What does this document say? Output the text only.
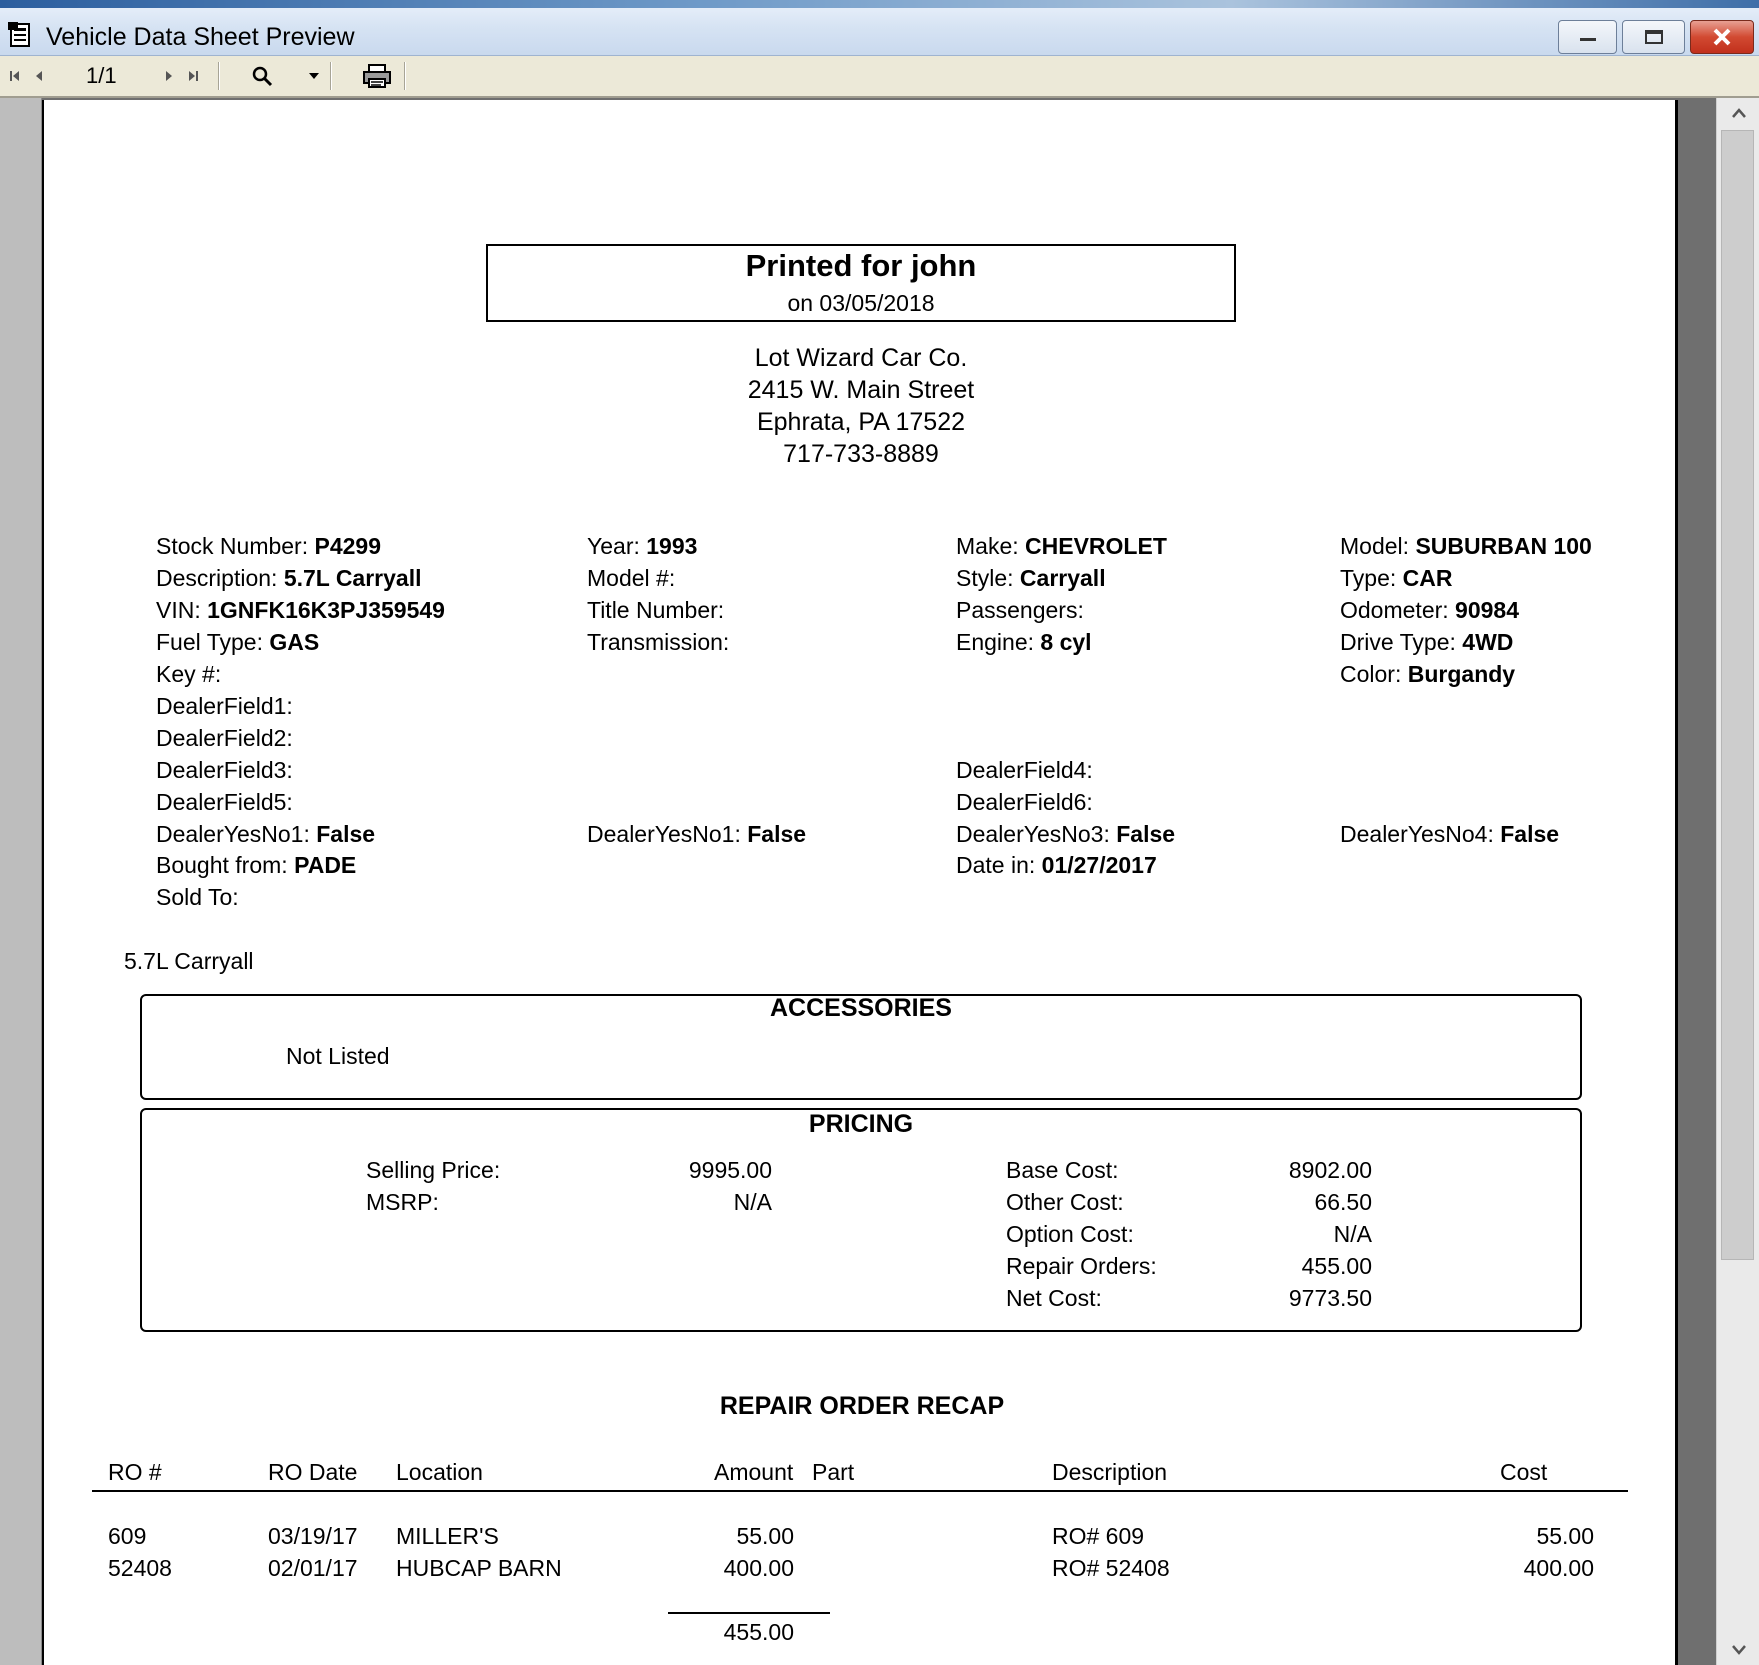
Vehicle Data Sheet Preview
1/1
Printed for john
on 03/05/2018
Lot Wizard Car Co.
2415 W. Main Street
Ephrata, PA 17522
717-733-8889
Stock Number: P4299
Description: 5.7L Carryall
VIN: 1GNFK16K3PJ359549
Fuel Type: GAS
Key #:
DealerField1:
DealerField2:
DealerField3:
DealerField5:
DealerYesNo1: False
Bought from: PADE
Sold To:
Year: 1993
Model #:
Title Number:
Transmission:
DealerYesNo1: False
Make: CHEVROLET
Style: Carryall
Passengers:
Engine: 8 cyl
DealerField4:
DealerField6:
DealerYesNo3: False
Date in: 01/27/2017
Model: SUBURBAN 100
Type: CAR
Odometer: 90984
Drive Type: 4WD
Color: Burgandy
DealerYesNo4: False
5.7L Carryall
ACCESSORIES
Not Listed
PRICING
Selling Price:	9995.00
MSRP:	N/A
Base Cost:	8902.00
Other Cost:	66.50
Option Cost:	N/A
Repair Orders:	455.00
Net Cost:	9773.50
REPAIR ORDER RECAP
RO #	RO Date Location	Amount Part	Description	Cost
609	03/19/17 MILLER'S	55.00	RO# 609	55.00
52408	02/01/17 HUBCAP BARN	400.00	RO# 52408	400.00
455.00
